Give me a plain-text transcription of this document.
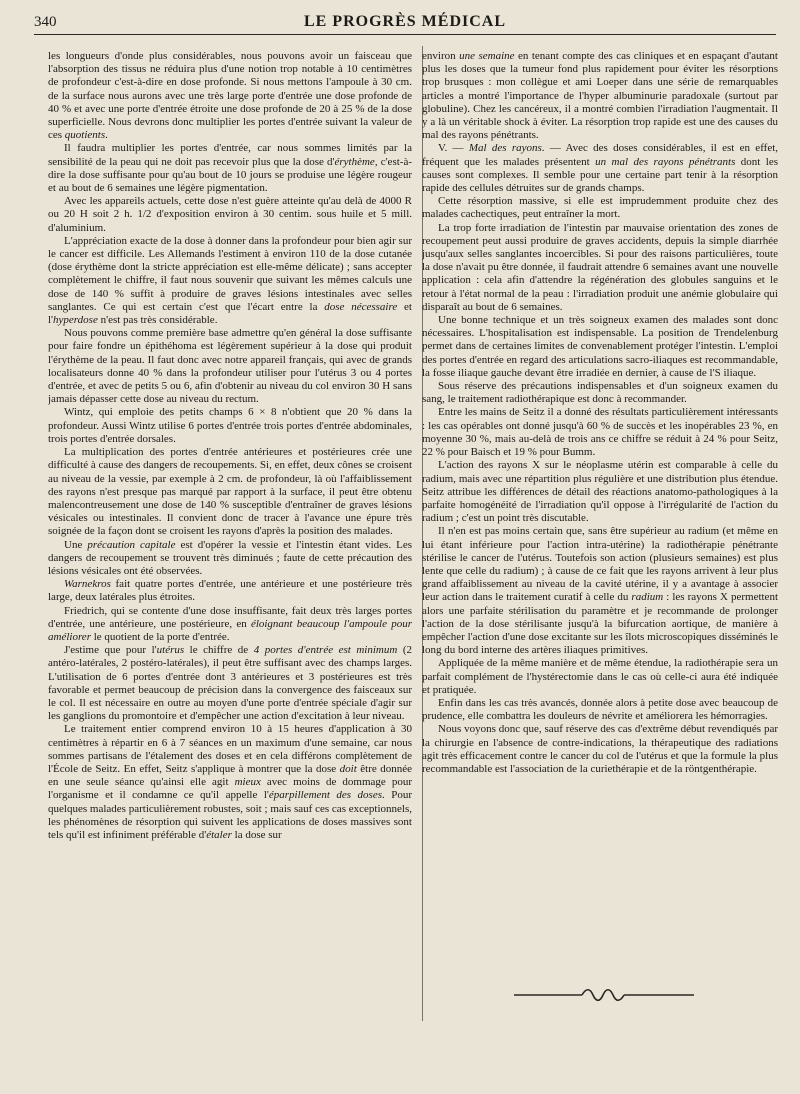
340	LE PROGRÈS MÉDICAL

les longueurs d'onde plus considérables, nous pouvons avoir un faisceau que l'absorption des tissus ne réduira plus d'une notion trop notable à 10 centimètres de profondeur c'est-à-dire en dose profonde. Si nous mettons l'ampoule à 30 cm. de la surface nous aurons avec une très large porte d'entrée une dose profonde de 40 % et avec une porte d'entrée étroite une dose profonde de 20 à 25 % de la dose superficielle. Nous devrons donc multiplier les portes d'entrée suivant la valeur de ces quotients.

Il faudra multiplier les portes d'entrée, car nous sommes limités par la sensibilité de la peau qui ne doit pas recevoir plus que la dose d'érythème, c'est-à-dire la dose suffisante pour qu'au bout de 10 jours se produise une légère rougeur et au bout de 6 semaines une légère pigmentation.

Avec les appareils actuels, cette dose n'est guère atteinte qu'au delà de 4000 R ou 20 H soit 2 h. 1/2 d'exposition environ à 30 centim. sous huile et 5 mill. d'aluminium.

L'appréciation exacte de la dose à donner dans la profondeur pour bien agir sur le cancer est difficile. Les Allemands l'estiment à environ 110 de la dose cutanée (dose érythème dont la stricte appréciation est elle-même délicate) ; sans accepter complètement le chiffre, il faut nous souvenir que suivant les mêmes calculs une dose de 140 % suffit à produire de graves lésions intestinales avec selles sanglantes. Ce qui est certain c'est que l'écart entre la dose nécessaire et l'hyperdose n'est pas très considérable.

Nous pouvons comme première base admettre qu'en général la dose suffisante pour faire fondre un épithéhoma est légèrement supérieur à la dose qui produit l'érythème de la peau. Il faut donc avec notre appareil français, qui avec de grands localisateurs donne 40 % dans la profondeur utiliser pour l'utérus 3 ou 4 portes d'entrée, et avec de petits 5 ou 6, afin d'obtenir au niveau du col environ 30 H sans jamais dépasser cette dose au niveau du rectum.

Wintz, qui emploie des petits champs 6 × 8 n'obtient que 20 % dans la profondeur. Aussi Wintz utilise 6 portes d'entrée trois portes d'entrée abdominales, trois portes d'entrée dorsales.

La multiplication des portes d'entrée antérieures et postérieures crée une difficulté à cause des dangers de recoupements. Si, en effet, deux cônes se croisent au niveau de la vessie, par exemple à 2 cm. de profondeur, là où l'affaiblissement des rayons n'est presque pas marqué par rapport à la surface, il peut être obtenu malencontreusement une dose de 140 % susceptible d'entraîner de graves lésions vésicales ou intestinales. Il convient donc de tracer à l'avance une épure très soignée de la façon dont se croisent les rayons d'après la position des malades.

Une précaution capitale est d'opérer la vessie et l'intestin étant vides. Les dangers de recoupement se trouvent très diminués ; faute de cette précaution des lésions vésicales ont été observées.

Warnekros fait quatre portes d'entrée, une antérieure et une postérieure très large, deux latérales plus étroites.

Friedrich, qui se contente d'une dose insuffisante, fait deux très larges portes d'entrée, une antérieure, une postérieure, en éloignant beaucoup l'ampoule pour améliorer le quotient de la porte d'entrée.

J'estime que pour l'utérus le chiffre de 4 portes d'entrée est minimum (2 antéro-latérales, 2 postéro-latérales), il peut être suffisant avec des champs larges. L'utilisation de 6 portes d'entrée dont 3 antérieures et 3 postérieures est très favorable et permet beaucoup de précision dans la convergence des faisceaux sur le col. Il est nécessaire en outre au moyen d'une porte d'entrée spéciale d'agir sur les ganglions du promontoire et d'empêcher une action d'excitation à leur niveau.

Le traitement entier comprend environ 10 à 15 heures d'application à 30 centimètres à répartir en 6 à 7 séances en un maximum d'une semaine, car nous sommes partisans de l'étalement des doses et en cela différons complètement de l'École de Seitz. En effet, Seitz s'applique à montrer que la dose doit être donnée en une seule séance qu'ainsi elle agit mieux avec moins de dommage pour l'organisme et il condamne ce qu'il appelle l'éparpillement des doses. Pour quelques malades particulièrement robustes, soit ; mais sauf ces cas exceptionnels, les phénomènes de résorption qui suivent les applications de doses massives sont tels qu'il est infiniment préférable d'étaler la dose sur

environ une semaine en tenant compte des cas cliniques et en espaçant d'autant plus les doses que la tumeur fond plus rapidement pour éviter les résorptions trop brusques : mon collègue et ami Loeper dans une série de remarquables articles a montré l'importance de l'hyper albuminurie paradoxale (surtout par globuline). Chez les cancéreux, il a montré combien l'irradiation l'augmentait. Il y a là un véritable shock à éviter. La résorption trop rapide est une des causes du mal des rayons pénétrants.

V. — Mal des rayons. — Avec des doses considérables, il est en effet, fréquent que les malades présentent un mal des rayons pénétrants dont les causes sont complexes. Il semble pour une certaine part tenir à la résorption rapide des cellules détruites sur de grands champs.

Cette résorption massive, si elle est imprudemment produite chez des malades cachectiques, peut entraîner la mort.

La trop forte irradiation de l'intestin par mauvaise orientation des zones de recoupement peut aussi produire de graves accidents, depuis la simple diarrhée jusqu'aux selles sanglantes incoercibles. Si pour des raisons particulières, toute la dose n'avait pu être donnée, il faudrait attendre 6 semaines avant une nouvelle application : cela afin d'attendre la régénération des globules sanguins et le retour à l'état normal de la peau : l'irradiation produit une anémie globulaire qui disparaît au bout de 6 semaines.

Une bonne technique et un très soigneux examen des malades sont donc nécessaires. L'hospitalisation est indispensable. La position de Trendelenburg permet dans de certaines limites de convenablement protéger l'intestin. L'emploi des portes d'entrée en regard des articulations sacro-iliaques est recommandable, la fosse iliaque gauche devant être irradiée en dernier, à cause de l'S iliaque.

Sous réserve des précautions indispensables et d'un soigneux examen du sang, le traitement radiothérapique est donc à recommander.

Entre les mains de Seitz il a donné des résultats particulièrement intéressants : les cas opérables ont donné jusqu'à 60 % de succès et les inopérables 23 %, en moyenne 30 %, mais au-delà de trois ans ce chiffre se réduit à 24 % pour Seitz, 22 % pour Baisch et 19 % pour Bumm.

L'action des rayons X sur le néoplasme utérin est comparable à celle du radium, mais avec une répartition plus régulière et une distribution plus étendue. Seitz attribue les différences de détail des réactions anatomo-pathologiques à la parfaite homogénéité de l'irradiation qu'il oppose à l'irrégularité de l'action du radium ; c'est un point très discutable.

Il n'en est pas moins certain que, sans être supérieur au radium (et même en lui étant inférieure pour l'action intra-utérine) la radiothérapie pénétrante stérilise le cancer de l'utérus. Toutefois son action (plusieurs semaines) est plus lente que celle du radium) ; à cause de ce fait que les rayons arrivent à leur plus grand affaiblissement au niveau de la cavité utérine, il y a avantage à associer leur action dans le traitement curatif à celle du radium : les rayons X permettent alors une parfaite stérilisation du paramètre et je recommande de prolonger l'action de la dose stérilisante jusqu'à la bifurcation aortique, de manière à empêcher l'action d'une dose excitante sur les îlots microscopiques disséminés le long du bord interne des artères iliaques primitives.

Appliquée de la même manière et de même étendue, la radiothérapie sera un parfait complément de l'hystérectomie dans le cas où celle-ci aura été indiquée et pratiquée.

Enfin dans les cas très avancés, donnée alors à petite dose avec beaucoup de prudence, elle combattra les douleurs de névrite et améliorera les hémorragies.

Nous voyons donc que, sauf réserve des cas d'extrême début revendiqués par la chirurgie en l'absence de contre-indications, la thérapeutique des radiations agit très efficacement contre le cancer du col de l'utérus et que la formule la plus recommandable est l'association de la curiethérapie et de la röntgenthérapie.
